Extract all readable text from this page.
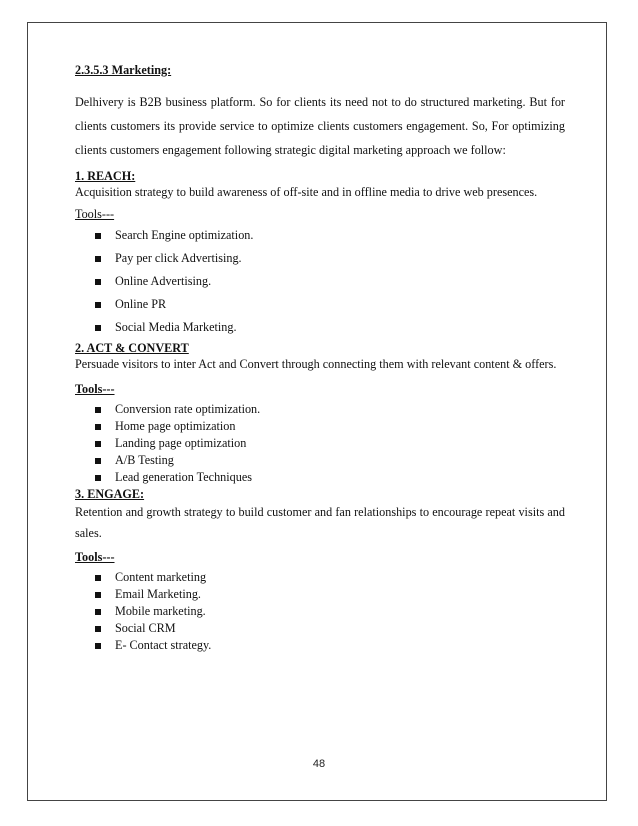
2.3.5.3 Marketing:

Delhivery is B2B business platform. So for clients its need not to do structured marketing. But for clients customers its provide service to optimize clients customers engagement. So, For optimizing clients customers engagement following strategic digital marketing approach we follow:

1. REACH:

Acquisition strategy to build awareness of off-site and in offline media to drive web presences.

Tools---

Search Engine optimization.
Pay per click Advertising.
Online Advertising.
Online PR
Social Media Marketing.

2. ACT & CONVERT

Persuade visitors to inter Act and Convert through connecting them with relevant content & offers.

Tools---

Conversion rate optimization.
Home page optimization
Landing page optimization
A/B Testing
Lead generation Techniques

3. ENGAGE:

Retention and growth strategy to build customer and fan relationships to encourage repeat visits and sales.

Tools---

Content marketing
Email Marketing.
Mobile marketing.
Social CRM
E- Contact strategy.
48
